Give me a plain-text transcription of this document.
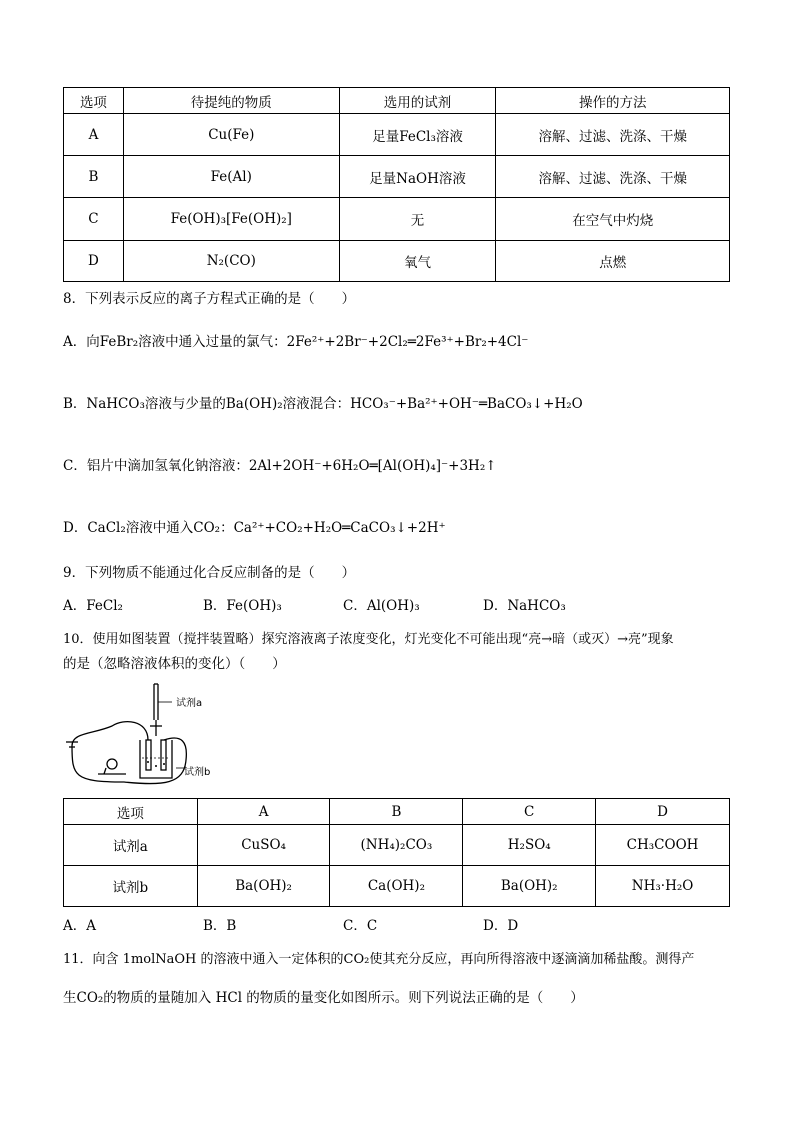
选项	待提纯的物质	选用的试剂	操作的方法
A	Cu(Fe)	足量FeCl₃溶液	溶解、过滤、洗涤、干燥
B	Fe(Al)	足量NaOH溶液	溶解、过滤、洗涤、干燥
C	Fe(OH)₃[Fe(OH)₂]	无	在空气中灼烧
D	N₂(CO)	氧气	点燃
8．下列表示反应的离子方程式正确的是（　　）
A．向FeBr₂溶液中通入过量的氯气：2Fe²⁺+2Br⁻+2Cl₂═2Fe³⁺+Br₂+4Cl⁻
B．NaHCO₃溶液与少量的Ba(OH)₂溶液混合：HCO₃⁻+Ba²⁺+OH⁻═BaCO₃↓+H₂O
C．铝片中滴加氢氧化钠溶液：2Al+2OH⁻+6H₂O═[Al(OH)₄]⁻+3H₂↑
D．CaCl₂溶液中通入CO₂：Ca²⁺+CO₂+H₂O═CaCO₃↓+2H⁺
9．下列物质不能通过化合反应制备的是（　　）
A．FeCl₂	B．Fe(OH)₃	C．Al(OH)₃	D．NaHCO₃
10．使用如图装置（搅拌装置略）探究溶液离子浓度变化，灯光变化不可能出现“亮→暗（或灭）→亮”现象
的是（忽略溶液体积的变化）（　　）
试剂a
试剂b
选项	A	B	C	D
试剂a	CuSO₄	(NH₄)₂CO₃	H₂SO₄	CH₃COOH
试剂b	Ba(OH)₂	Ca(OH)₂	Ba(OH)₂	NH₃·H₂O
A．A	B．B	C．C	D．D
11．向含 1molNaOH 的溶液中通入一定体积的CO₂使其充分反应，再向所得溶液中逐滴滴加稀盐酸。测得产
生CO₂的物质的量随加入 HCl 的物质的量变化如图所示。则下列说法正确的是（　　）
